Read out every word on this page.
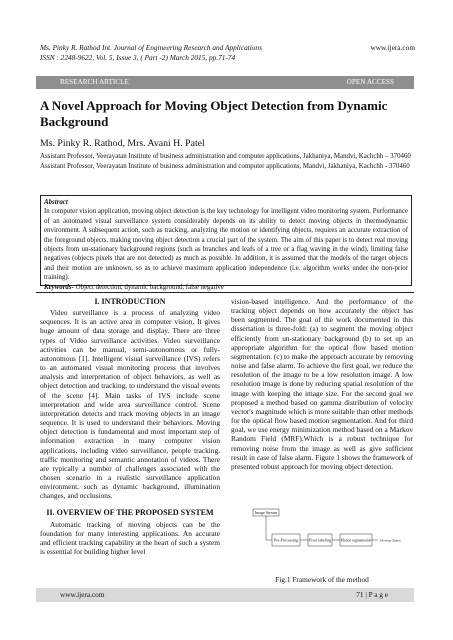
Ms. Pinky R. Rathod Int. Journal of Engineering Research and Applications
ISSN : 2248-9622, Vol. 5, Issue 3, ( Part -2) March 2015, pp.71-74
www.ijera.com
RESEARCH ARTICLE	OPEN ACCESS
A Novel Approach for Moving Object Detection from Dynamic Background
Ms. Pinky R. Rathod, Mrs. Avani H. Patel
Assistant Professor, Veerayatan Institute of business administration and computer applications, Jakhaniya, Mandvi, Kachchh – 370460
Assistant Professor, Veerayatan Institute of business administration and computer applications, Mandvi, Jakhaniya, Kachchh - 370460
Abstract
In computer vision application, moving object detection is the key technology for intelligent video monitoring system. Performance of an automated visual surveillance system considerably depends on its ability to detect moving objects in thermodynamic environment. A subsequent action, such as tracking, analyzing the motion or identifying objects, requires an accurate extraction of the foreground objects, making moving object detection a crucial part of the system. The aim of this paper is to detect real moving objects from un-stationary background regions (such as branches and leafs of a tree or a flag waving in the wind), limiting false negatives (objects pixels that are not detected) as much as possible. In addition, it is assumed that the models of the target objects and their motion are unknown, so as to achieve maximum application independence (i.e. algorithm works under the non-prior training).
Keywords- Object detection, dynamic background, false negative
I. INTRODUCTION
Video surveillance is a process of analyzing video sequences. It is an active area in computer vision. It gives huge amount of data storage and display. There are three types of Video surveillance activities. Video surveillance activities can be manual, semi-autonomous or fully-autonomous [1]. Intelligent visual surveillance (IVS) refers to an automated visual monitoring process that involves analysis and interpretation of object behaviors, as well as object detection and tracking, to understand the visual events of the scene [4]. Main tasks of IVS include scene interpretation and wide area surveillance control. Scene interpretation detects and track moving objects in an image sequence. It is used to understand their behaviors. Moving object detection is fundamental and most important step of information extraction in many computer vision applications, including video surveillance, people tracking, traffic monitoring and semantic annotation of videos. There are typically a number of challenges associated with the chosen scenario in a realistic surveillance application environment, such as dynamic background, illumination changes, and occlusions.
II. OVERVIEW OF THE PROPOSED SYSTEM
Automatic tracking of moving objects can be the foundation for many interesting applications. An accurate and efficient tracking capability at the heart of such a system is essential for building higher level
vision-based intelligence. And the performance of the tracking object depends on how accurately the object has been segmented. The goal of the work documented in this dissertation is three-fold: (a) to segment the moving object efficiently from un-stationary background (b) to set up an appropriate algorithm for the optical flow based motion segmentation. (c) to make the approach accurate by removing noise and false alarm. To achieve the first goal, we reduce the resolution of the image to be a low resolution image. A low resolution image is done by reducing spatial resolution of the image with keeping the image size. For the second goal we proposed a method based on gamma distribution of velocity vector's magnitude which is more suitable than other methods for the optical flow based motion segmentation. And for third goal, we use energy minimization method based on a Markov Random Field (MRF).Which is a robust technique for removing noise from the image as well as give sufficient result in case of false alarm. Figure 1 shows the framework of presented robust approach for moving object detection.
Image Stream
Pre-Processing	Pixel labeling	Motion segmentation	Moving Object
Fig.1 Framework of the method
www.ijera.com	71 | P a g e
